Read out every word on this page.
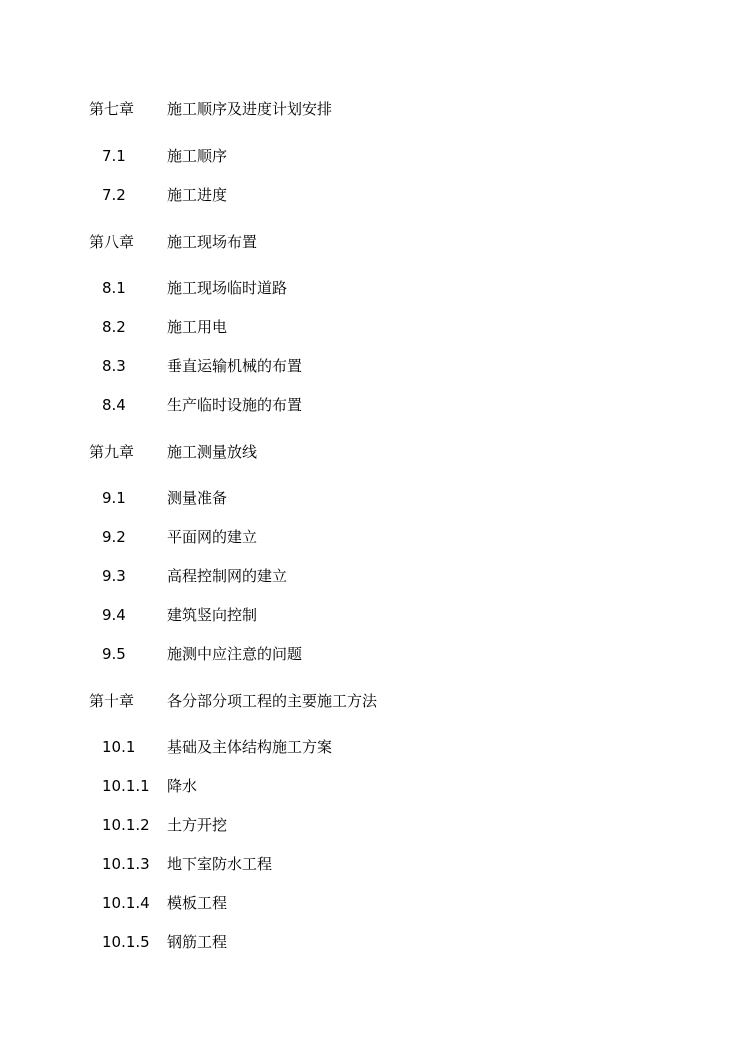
第七章 施工顺序及进度计划安排
7.1	施工顺序
7.2	施工进度
第八章 施工现场布置
8.1	施工现场临时道路
8.2	施工用电
8.3	垂直运输机械的布置
8.4	生产临时设施的布置
第九章 施工测量放线
9.1	测量准备
9.2	平面网的建立
9.3	高程控制网的建立
9.4	建筑竖向控制
9.5	施测中应注意的问题
第十章 各分部分项工程的主要施工方法
10.1 基础及主体结构施工方案
10.1.1 降水
10.1.2 土方开挖
10.1.3 地下室防水工程
10.1.4 模板工程
10.1.5 钢筋工程
